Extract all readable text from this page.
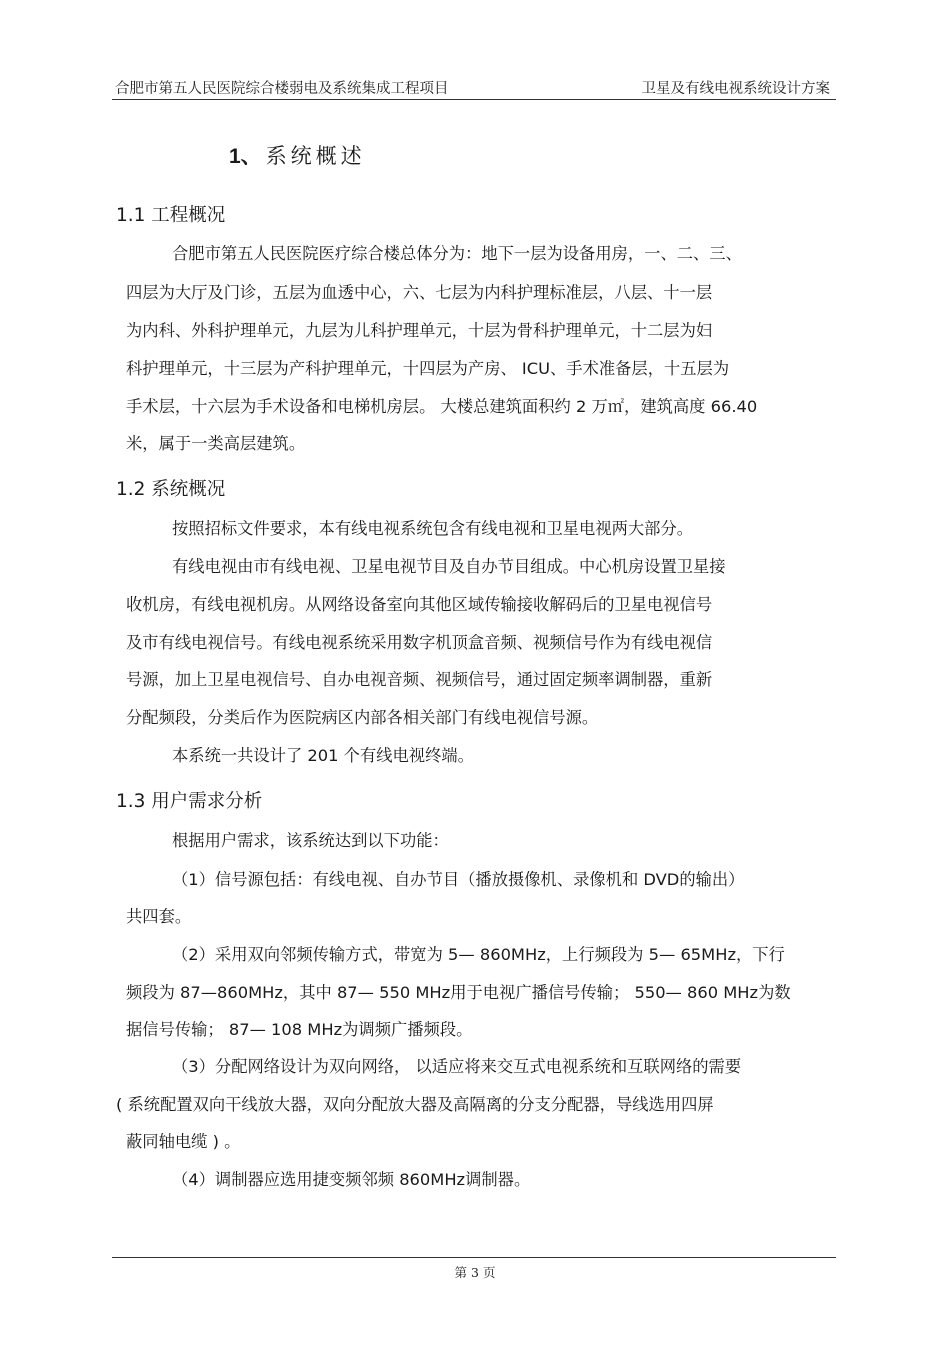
合肥市第五人民医院综合楼弱电及系统集成工程项目	卫星及有线电视系统设计方案
1、 系统概述
1.1 工程概况
合肥市第五人民医院医疗综合楼总体分为：地下一层为设备用房，一、二、三、
四层为大厅及门诊，五层为血透中心，六、七层为内科护理标准层，八层、十一层
为内科、外科护理单元，九层为儿科护理单元，十层为骨科护理单元，十二层为妇
科护理单元，十三层为产科护理单元，十四层为产房、 ICU、手术准备层，十五层为
手术层，十六层为手术设备和电梯机房层。 大楼总建筑面积约 2 万㎡，建筑高度 66.40
米，属于一类高层建筑。
1.2 系统概况
按照招标文件要求，本有线电视系统包含有线电视和卫星电视两大部分。
有线电视由市有线电视、卫星电视节目及自办节目组成。中心机房设置卫星接
收机房，有线电视机房。从网络设备室向其他区域传输接收解码后的卫星电视信号
及市有线电视信号。有线电视系统采用数字机顶盒音频、视频信号作为有线电视信
号源，加上卫星电视信号、自办电视音频、视频信号，通过固定频率调制器，重新
分配频段，分类后作为医院病区内部各相关部门有线电视信号源。
本系统一共设计了 201 个有线电视终端。
1.3 用户需求分析
根据用户需求，该系统达到以下功能：
（1）信号源包括：有线电视、自办节目（播放摄像机、录像机和 DVD的输出）
共四套。
（2）采用双向邻频传输方式，带宽为 5— 860MHz，上行频段为 5— 65MHz，下行
频段为 87—860MHz，其中 87— 550 MHz用于电视广播信号传输； 550— 860 MHz为数
据信号传输； 87— 108 MHz为调频广播频段。
（3）分配网络设计为双向网络， 以适应将来交互式电视系统和互联网络的需要
( 系统配置双向干线放大器，双向分配放大器及高隔离的分支分配器，导线选用四屏
蔽同轴电缆 ) 。
（4）调制器应选用捷变频邻频 860MHz调制器。
第 3 页
